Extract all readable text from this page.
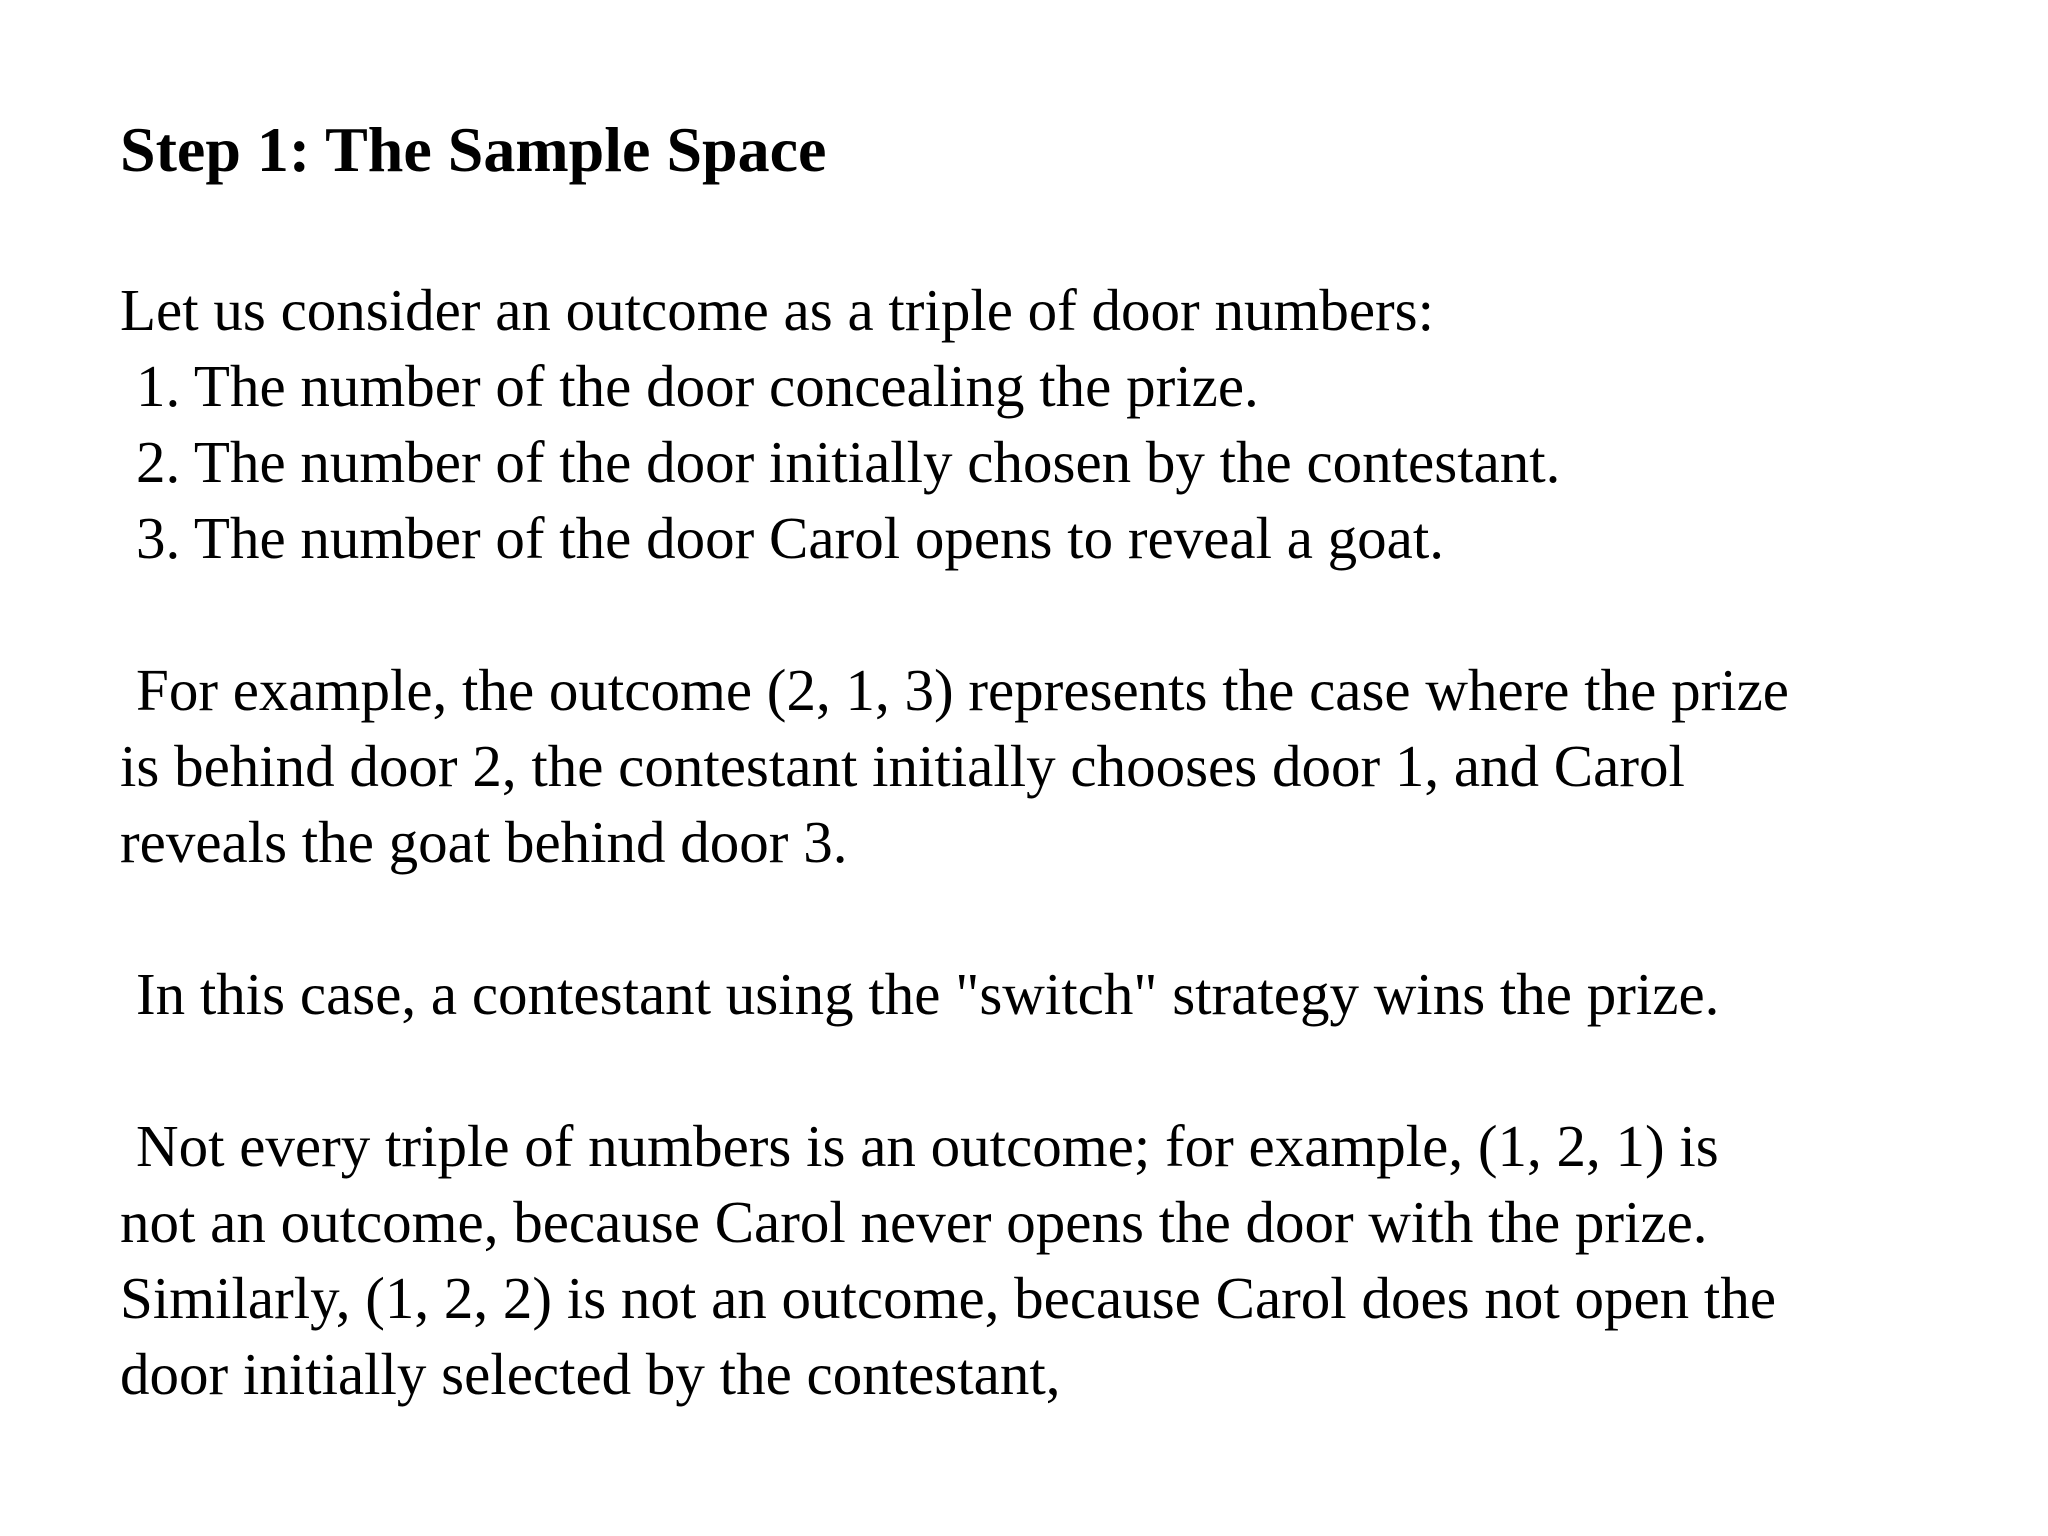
Step 1: The Sample Space

Let us consider an outcome as a triple of door numbers:

1. The number of the door concealing the prize.

2. The number of the door initially chosen by the contestant.

3. The number of the door Carol opens to reveal a goat.

For example, the outcome (2, 1, 3) represents the case where the prize

is behind door 2, the contestant initially chooses door 1, and Carol

reveals the goat behind door 3.

In this case, a contestant using the "switch" strategy wins the prize.

Not every triple of numbers is an outcome; for example, (1, 2, 1) is

not an outcome, because Carol never opens the door with the prize.

Similarly, (1, 2, 2) is not an outcome, because Carol does not open the

door initially selected by the contestant,
